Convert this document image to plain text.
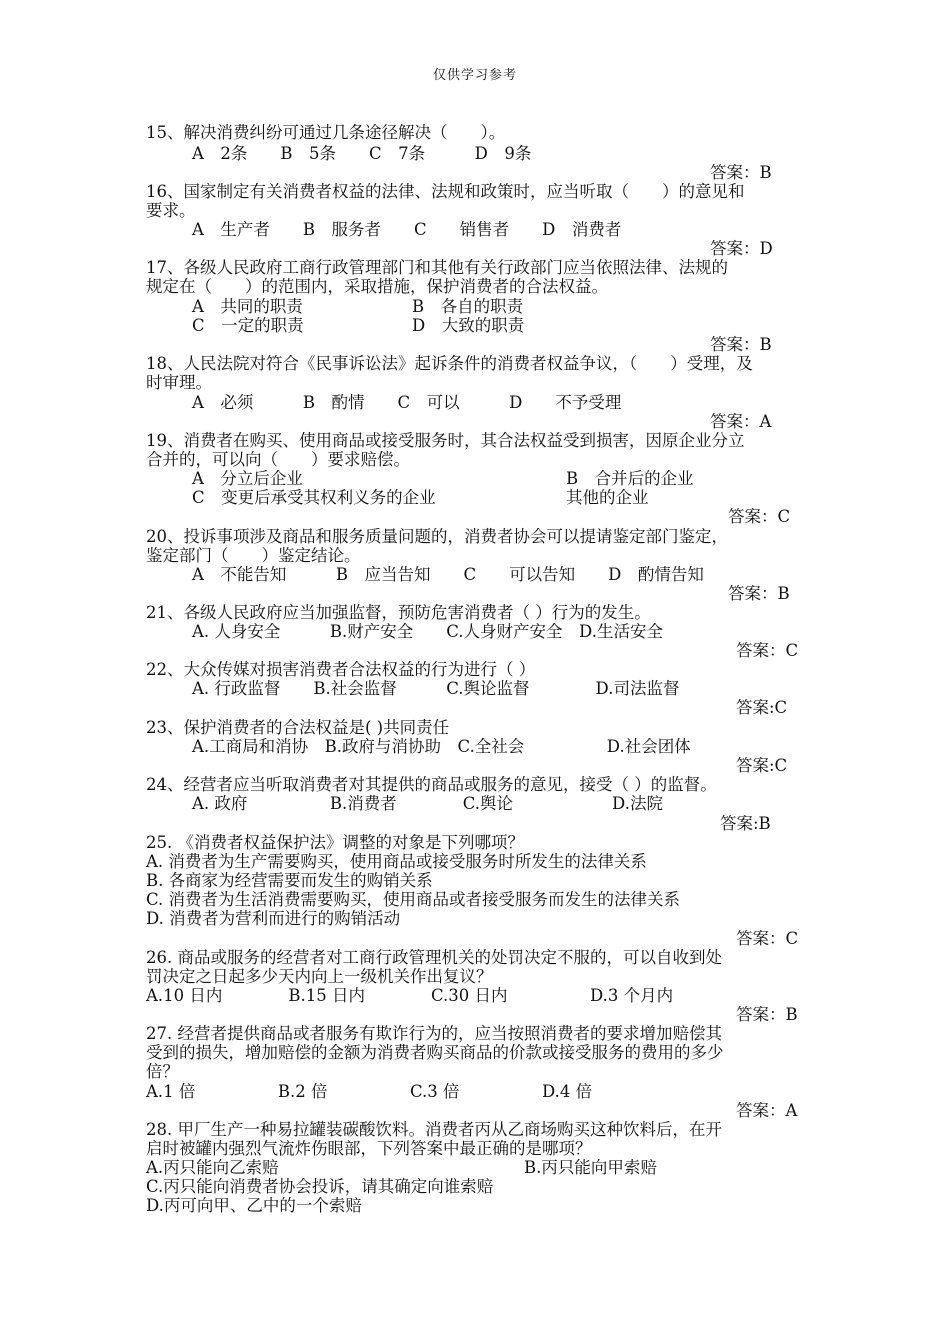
仅供学习参考
15、解决消费纠纷可通过几条途径解决（　　）。
A　2条　　B　5条　　C　7条　　　D　9条
答案：B
16、国家制定有关消费者权益的法律、法规和政策时，应当听取（　　）的意见和
要求。
A　生产者　　B　服务者　　C　　销售者　　D　消费者
答案：D
17、各级人民政府工商行政管理部门和其他有关行政部门应当依照法律、法规的
规定在（　　）的范围内，采取措施，保护消费者的合法权益。
A　共同的职责	B　各自的职责
C　一定的职责	D　大致的职责
答案：B
18、人民法院对符合《民事诉讼法》起诉条件的消费者权益争议，（　　）受理，及
时审理。
A　必须　　　B　酌情　　C　可以　　　D　　不予受理
答案：A
19、消费者在购买、使用商品或接受服务时，其合法权益受到损害，因原企业分立
合并的，可以向（　　）要求赔偿。
A　分立后企业	B　合并后的企业
C　变更后承受其权利义务的企业	其他的企业
答案：C
20、投诉事项涉及商品和服务质量问题的，消费者协会可以提请鉴定部门鉴定，
鉴定部门（　　）鉴定结论。
A　不能告知　　　B　应当告知　　C　　可以告知　　D　酌情告知
答案：B
21、各级人民政府应当加强监督，预防危害消费者（ ）行为的发生。
A. 人身安全　　　B.财产安全　　C.人身财产安全　D.生活安全
答案：C
22、大众传媒对损害消费者合法权益的行为进行（ ）
A. 行政监督　　B.社会监督　　　C.舆论监督　　　　D.司法监督
答案:C
23、保护消费者的合法权益是( )共同责任
A.工商局和消协　B.政府与消协助　C.全社会　　　　　D.社会团体
答案:C
24、经营者应当听取消费者对其提供的商品或服务的意见，接受（ ）的监督。
A. 政府　　　　　B.消费者　　　　C.舆论　　　　　　D.法院
答案:B
25. 《消费者权益保护法》调整的对象是下列哪项？
A. 消费者为生产需要购买，使用商品或接受服务时所发生的法律关系
B. 各商家为经营需要而发生的购销关系
C. 消费者为生活消费需要购买，使用商品或者接受服务而发生的法律关系
D. 消费者为营利而进行的购销活动
答案：C
26. 商品或服务的经营者对工商行政管理机关的处罚决定不服的，可以自收到处
罚决定之日起多少天内向上一级机关作出复议？
A.10 日内　　　　B.15 日内　　　　C.30 日内　　　　　D.3 个月内
答案：B
27. 经营者提供商品或者服务有欺诈行为的，应当按照消费者的要求增加赔偿其
受到的损失，增加赔偿的金额为消费者购买商品的价款或接受服务的费用的多少
倍？
A.1 倍　　　　　B.2 倍　　　　　C.3 倍　　　　　D.4 倍
答案：A
28. 甲厂生产一种易拉罐装碳酸饮料。消费者丙从乙商场购买这种饮料后，在开
启时被罐内强烈气流炸伤眼部，下列答案中最正确的是哪项？
A.丙只能向乙索赔	B.丙只能向甲索赔
C.丙只能向消费者协会投诉，请其确定向谁索赔
D.丙可向甲、乙中的一个索赔
